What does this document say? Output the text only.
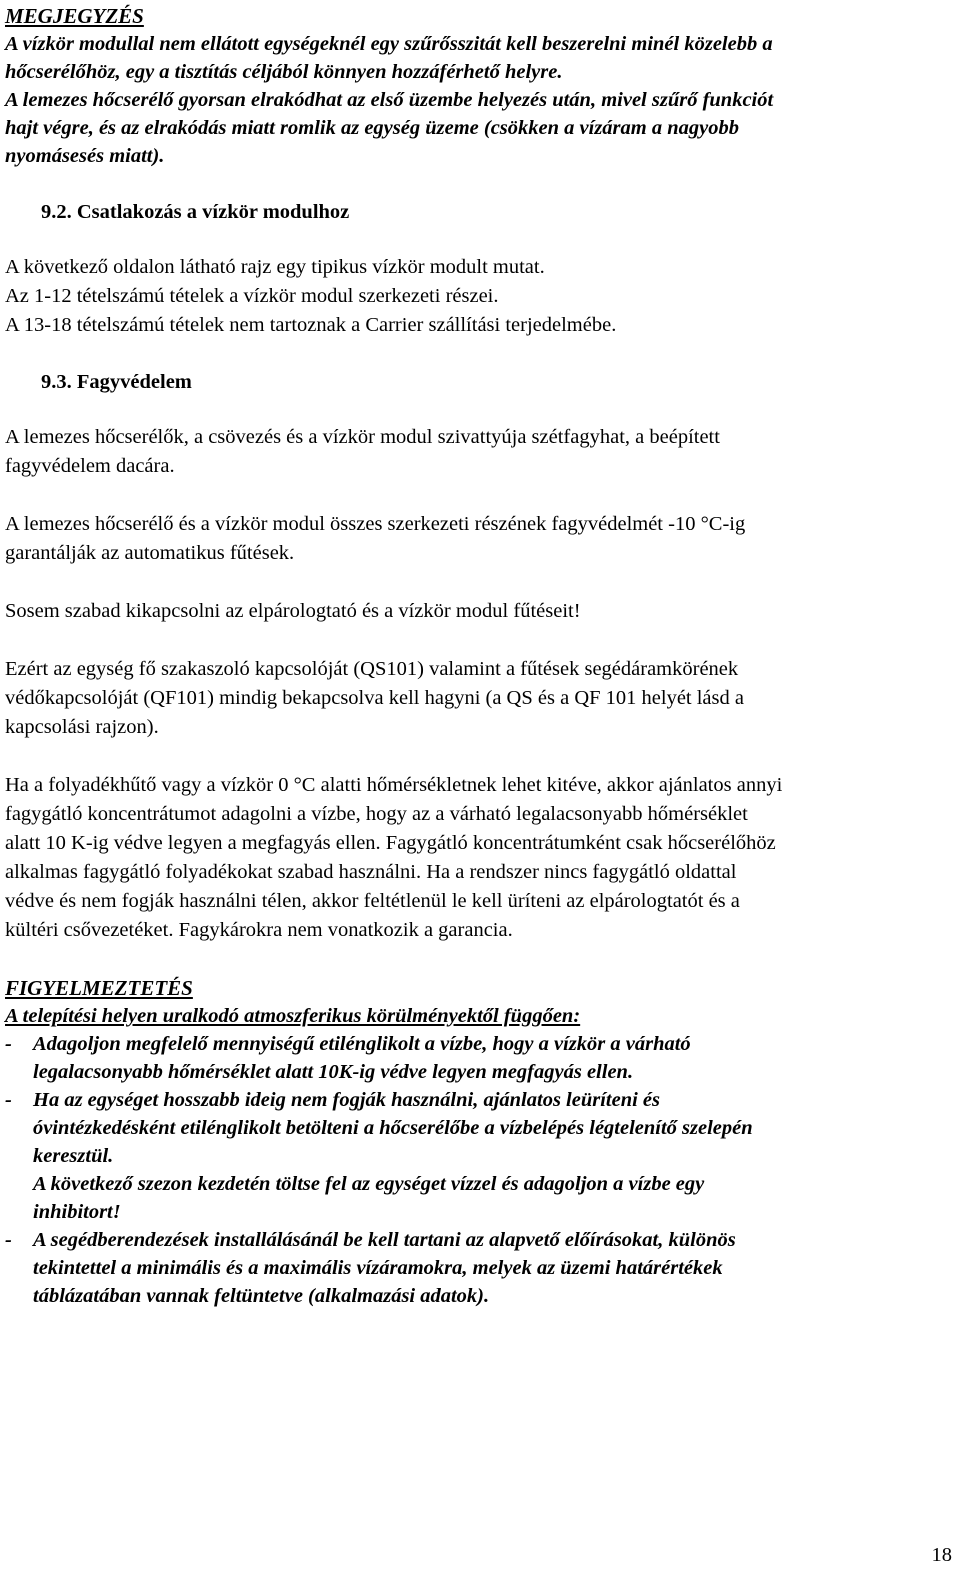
MEGJEGYZÉS
A vízkör modullal nem ellátott egységeknél egy szűrősszitát kell beszerelni minél közelebb a
hőcserélőhöz, egy a tisztítás céljából könnyen hozzáférhető helyre.
A lemezes hőcserélő gyorsan elrakódhat az első üzembe helyezés után, mivel szűrő funkciót
hajt végre, és az elrakódás miatt romlik az egység üzeme (csökken a vízáram a nagyobb
nyomásesés miatt).
9.2. Csatlakozás a vízkör modulhoz
A következő oldalon látható rajz egy tipikus vízkör modult mutat.
Az 1-12 tételszámú tételek a vízkör modul szerkezeti részei.
A 13-18 tételszámú tételek nem tartoznak a Carrier szállítási terjedelmébe.
9.3. Fagyvédelem
A lemezes hőcserélők, a csövezés és a vízkör modul szivattyúja szétfagyhat, a beépített
fagyvédelem dacára.
A lemezes hőcserélő és a vízkör modul összes szerkezeti részének fagyvédelmét -10 °C-ig
garantálják az automatikus fűtések.
Sosem szabad kikapcsolni az elpárologtató és a vízkör modul fűtéseit!
Ezért az egység fő szakaszoló kapcsolóját (QS101) valamint a fűtések segédáramkörének
védőkapcsolóját (QF101) mindig bekapcsolva kell hagyni (a QS és a QF 101 helyét lásd a
kapcsolási rajzon).
Ha a folyadékhűtő vagy a vízkör 0 °C alatti hőmérsékletnek lehet kitéve, akkor ajánlatos annyi
fagygátló koncentrátumot adagolni a vízbe, hogy az a várható legalacsonyabb hőmérséklet
alatt 10 K-ig védve legyen a megfagyás ellen. Fagygátló koncentrátumként csak hőcserélőhöz
alkalmas fagygátló folyadékokat szabad használni. Ha a rendszer nincs fagygátló oldattal
védve és nem fogják használni télen, akkor feltétlenül le kell üríteni az elpárologtatót és a
kültéri csővezetéket. Fagykárokra nem vonatkozik a garancia.
FIGYELMEZTETÉS
A telepítési helyen uralkodó atmoszferikus körülményektől függően:
- Adagoljon megfelelő mennyiségű etilénglikolt a vízbe, hogy a vízkör a várható
legalacsonyabb hőmérséklet alatt 10K-ig védve legyen megfagyás ellen.
- Ha az egységet hosszabb ideig nem fogják használni, ajánlatos leüríteni és
óvintézkedésként etilénglikolt betölteni a hőcserélőbe a vízbelépés légtelenítő szelepén
keresztül.
A következő szezon kezdetén töltse fel az egységet vízzel és adagoljon a vízbe egy
inhibitort!
- A segédberendezések installálásánál be kell tartani az alapvető előírásokat, különös
tekintettel a minimális és a maximális vízáramokra, melyek az üzemi határértékek
táblázatában vannak feltüntetve (alkalmazási adatok).
18
